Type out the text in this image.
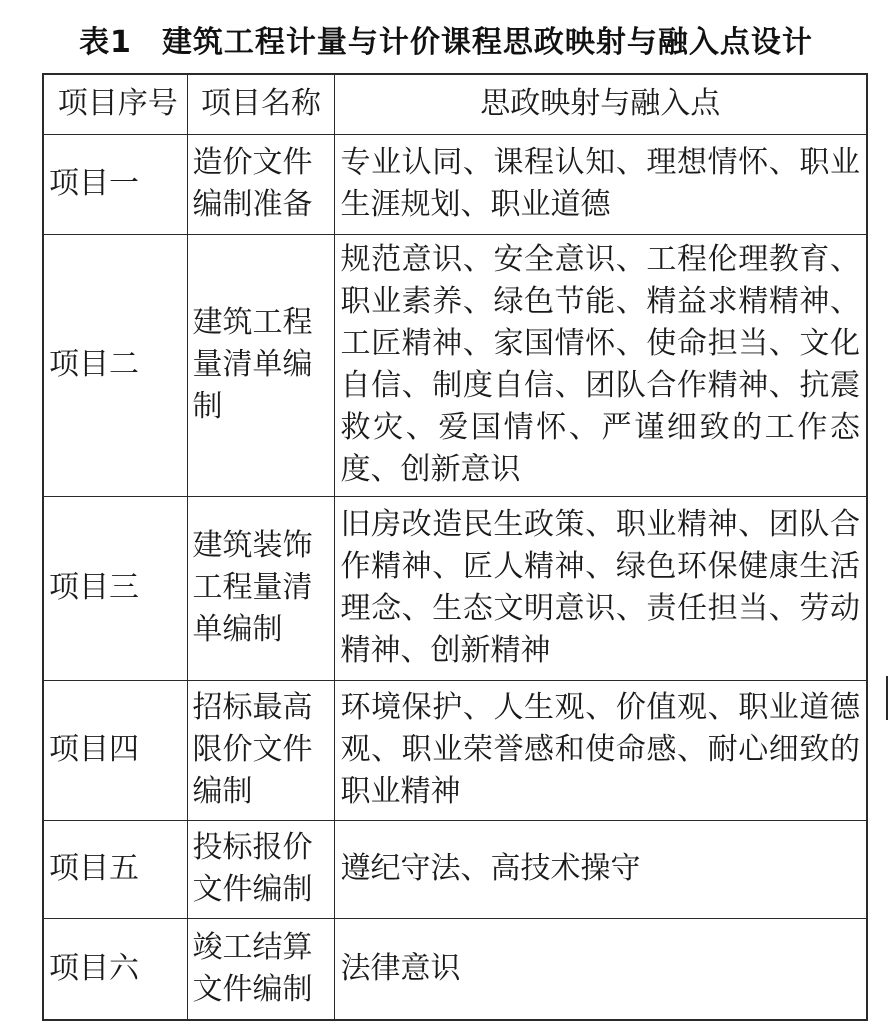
表1 建筑工程计量与计价课程思政映射与融入点设计
项目序号	项目名称	思政映射与融入点
项目一	造价文件编制准备	专业认同、课程认知、理想情怀、职业生涯规划、职业道德
项目二	建筑工程量清单编制	规范意识、安全意识、工程伦理教育、职业素养、绿色节能、精益求精精神、工匠精神、家国情怀、使命担当、文化自信、制度自信、团队合作精神、抗震救灾、爱国情怀、严谨细致的工作态度、创新意识
项目三	建筑装饰工程量清单编制	旧房改造民生政策、职业精神、团队合作精神、匠人精神、绿色环保健康生活理念、生态文明意识、责任担当、劳动精神、创新精神
项目四	招标最高限价文件编制	环境保护、人生观、价值观、职业道德观、职业荣誉感和使命感、耐心细致的职业精神
项目五	投标报价文件编制	遵纪守法、高技术操守
项目六	竣工结算文件编制	法律意识
